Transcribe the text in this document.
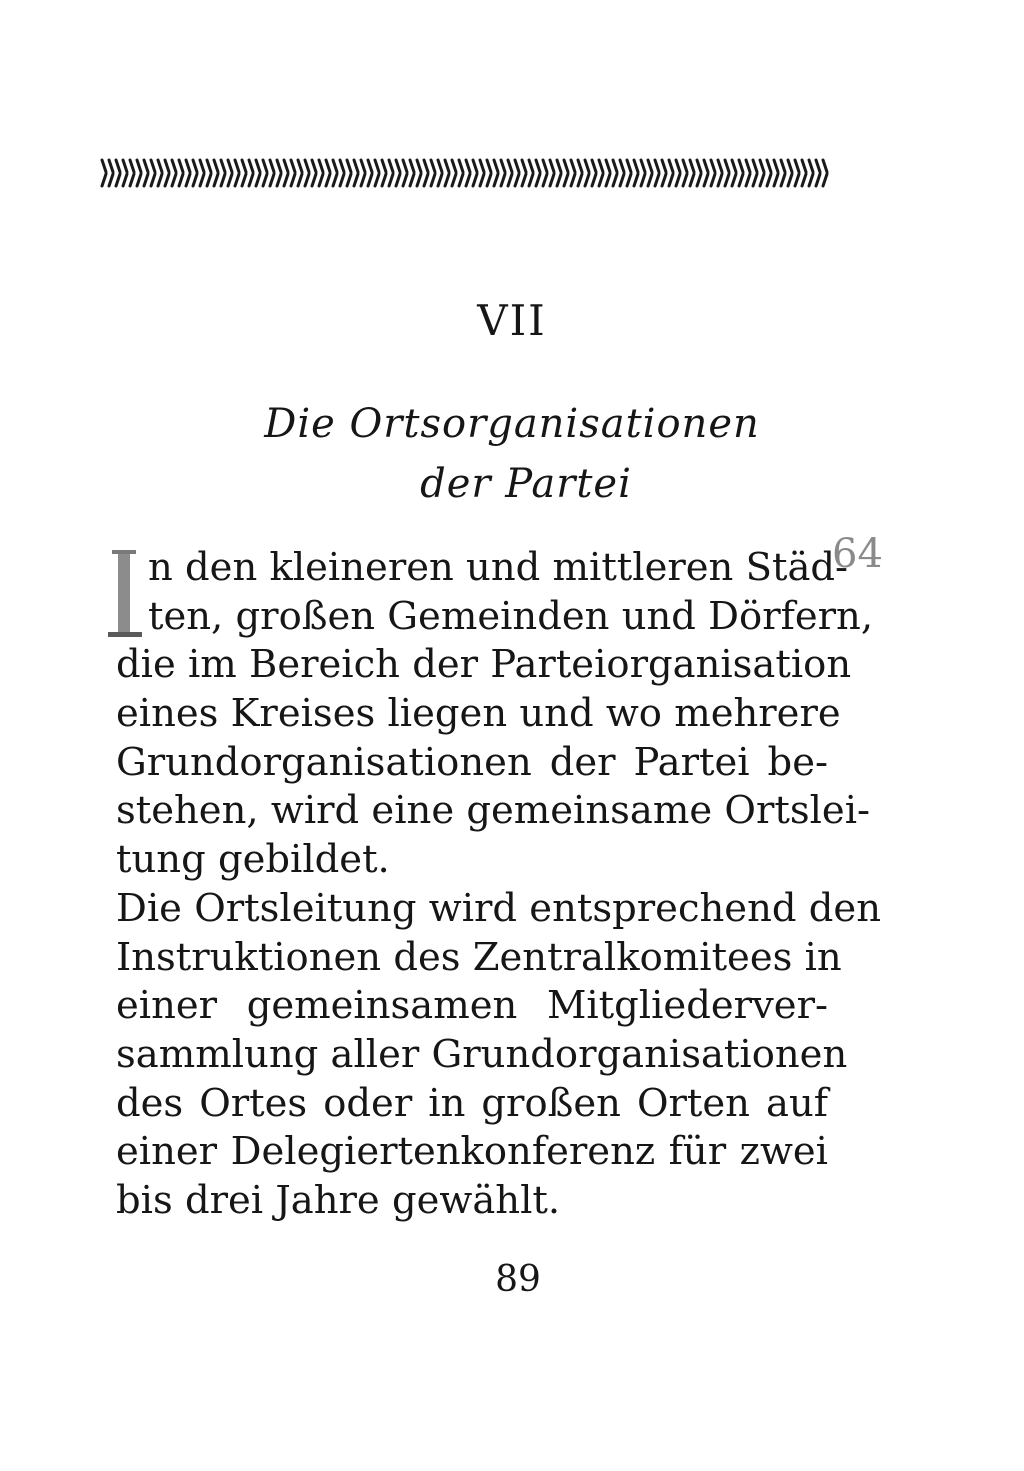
VII
Die Ortsorganisationen
der Partei
64
n den kleineren und mittleren Städ-
ten, großen Gemeinden und Dörfern,
die im Bereich der Parteiorganisation
eines Kreises liegen und wo mehrere
Grundorganisationen der Partei be-
stehen, wird eine gemeinsame Ortslei-
tung gebildet.
Die Ortsleitung wird entsprechend den
Instruktionen des Zentralkomitees in
einer gemeinsamen Mitgliederver-
sammlung aller Grundorganisationen
des Ortes oder in großen Orten auf
einer Delegiertenkonferenz für zwei
bis drei Jahre gewählt.
89
